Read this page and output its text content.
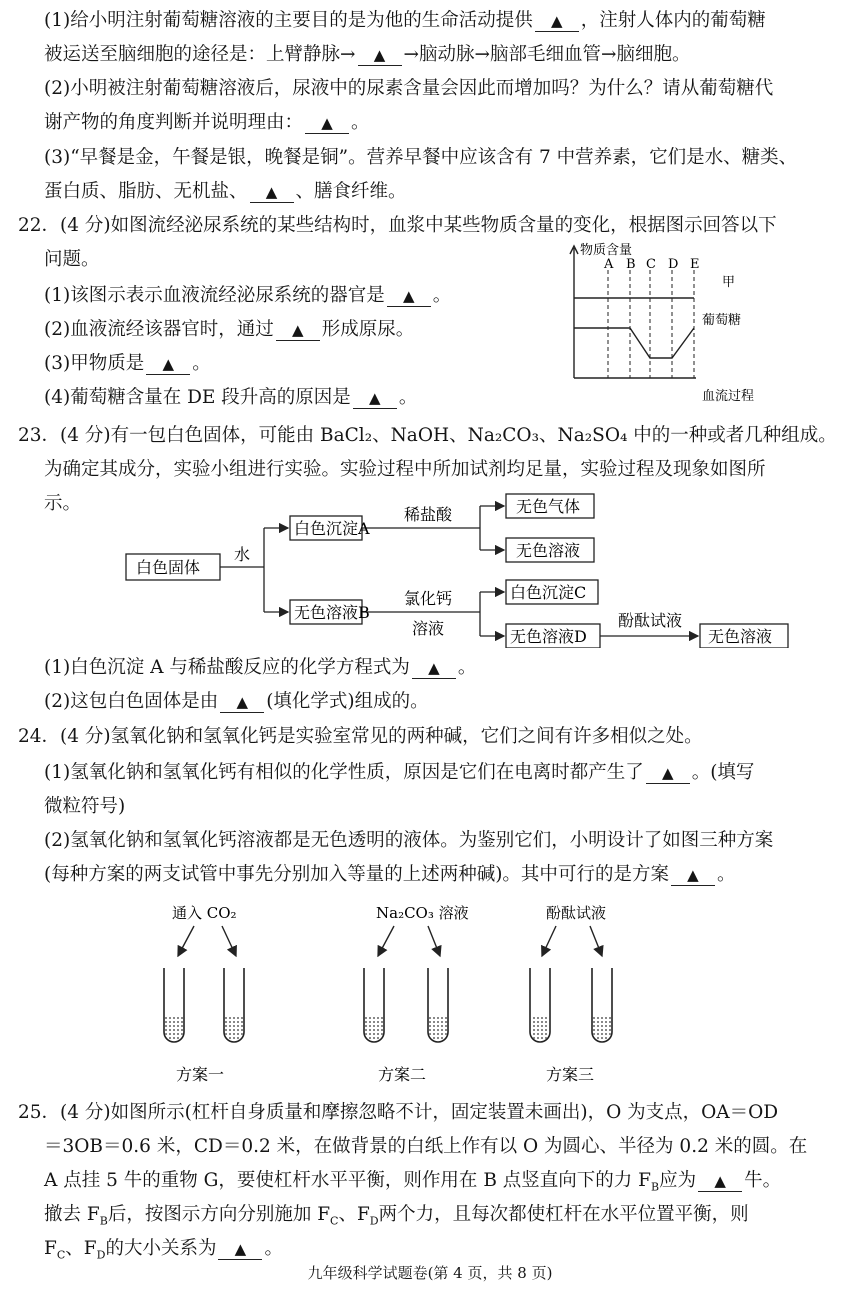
(1)给小明注射葡萄糖溶液的主要目的是为他的生命活动提供 ▲ ，注射人体内的葡萄糖
被运送至脑细胞的途径是：上臂静脉→ ▲ →脑动脉→脑部毛细血管→脑细胞。
(2)小明被注射葡萄糖溶液后，尿液中的尿素含量会因此而增加吗？为什么？请从葡萄糖代
谢产物的角度判断并说明理由： ▲ 。
(3)“早餐是金，午餐是银，晚餐是铜”。营养早餐中应该含有 7 中营养素，它们是水、糖类、
蛋白质、脂肪、无机盐、 ▲ 、膳食纤维。
22．(4 分)如图流经泌尿系统的某些结构时，血浆中某些物质含量的变化，根据图示回答以下
问题。
(1)该图示表示血液流经泌尿系统的器官是 ▲ 。
(2)血液流经该器官时，通过 ▲ 形成原尿。
(3)甲物质是 ▲ 。
(4)葡萄糖含量在 DE 段升高的原因是 ▲ 。
物质含量
A B C D E
甲
葡萄糖
血流过程
23．(4 分)有一包白色固体，可能由 BaCl₂、NaOH、Na₂CO₃、Na₂SO₄ 中的一种或者几种组成。
为确定其成分，实验小组进行实验。实验过程中所加试剂均足量，实验过程及现象如图所
示。
白色固体
水
白色沉淀A
稀盐酸	无色气体
无色溶液
无色溶液B
氯化钙
溶液
白色沉淀C
无色溶液D
酚酞试液
无色溶液
(1)白色沉淀 A 与稀盐酸反应的化学方程式为 ▲ 。
(2)这包白色固体是由 ▲ (填化学式)组成的。
24．(4 分)氢氧化钠和氢氧化钙是实验室常见的两种碱，它们之间有许多相似之处。
(1)氢氧化钠和氢氧化钙有相似的化学性质，原因是它们在电离时都产生了 ▲ 。(填写
微粒符号)
(2)氢氧化钠和氢氧化钙溶液都是无色透明的液体。为鉴别它们，小明设计了如图三种方案
(每种方案的两支试管中事先分别加入等量的上述两种碱)。其中可行的是方案 ▲ 。
通入 CO₂
方案一
Na₂CO₃ 溶液
方案二
酚酞试液
方案三
25．(4 分)如图所示(杠杆自身质量和摩擦忽略不计，固定装置未画出)，O 为支点，OA＝OD
＝3OB＝0.6 米，CD＝0.2 米，在做背景的白纸上作有以 O 为圆心、半径为 0.2 米的圆。在
A 点挂 5 牛的重物 G，要使杠杆水平平衡，则作用在 B 点竖直向下的力 $F_B$应为 ▲ 牛。
撤去 $F_B$后，按图示方向分别施加 $F_C$、$F_D$两个力，且每次都使杠杆在水平位置平衡，则
$F_C$、$F_D$的大小关系为 ▲ 。
九年级科学试题卷(第 4 页，共 8 页)
